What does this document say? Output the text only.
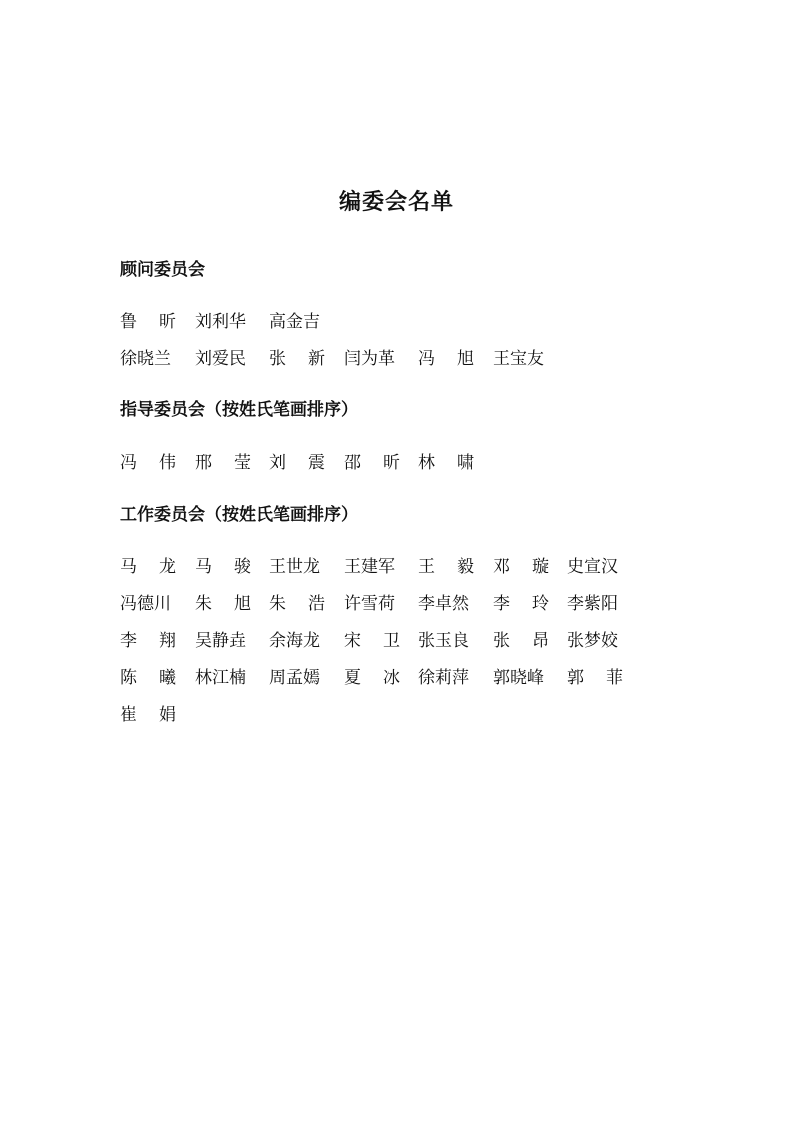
编委会名单
顾问委员会
鲁 昕 刘利华 高金吉
徐晓兰 刘爱民 张 新 闫为革 冯 旭 王宝友
指导委员会（按姓氏笔画排序）
冯 伟 邢 莹 刘 震 邵 昕 林 啸
工作委员会（按姓氏笔画排序）
马 龙 马 骏 王世龙 王建军 王 毅 邓 璇 史宣汉
冯德川 朱 旭 朱 浩 许雪荷 李卓然 李 玲 李紫阳
李 翔 吴静垚 余海龙 宋 卫 张玉良 张 昂 张梦姣
陈 曦 林江楠 周孟嫣 夏 冰 徐莉萍 郭晓峰 郭 菲
崔 娟
